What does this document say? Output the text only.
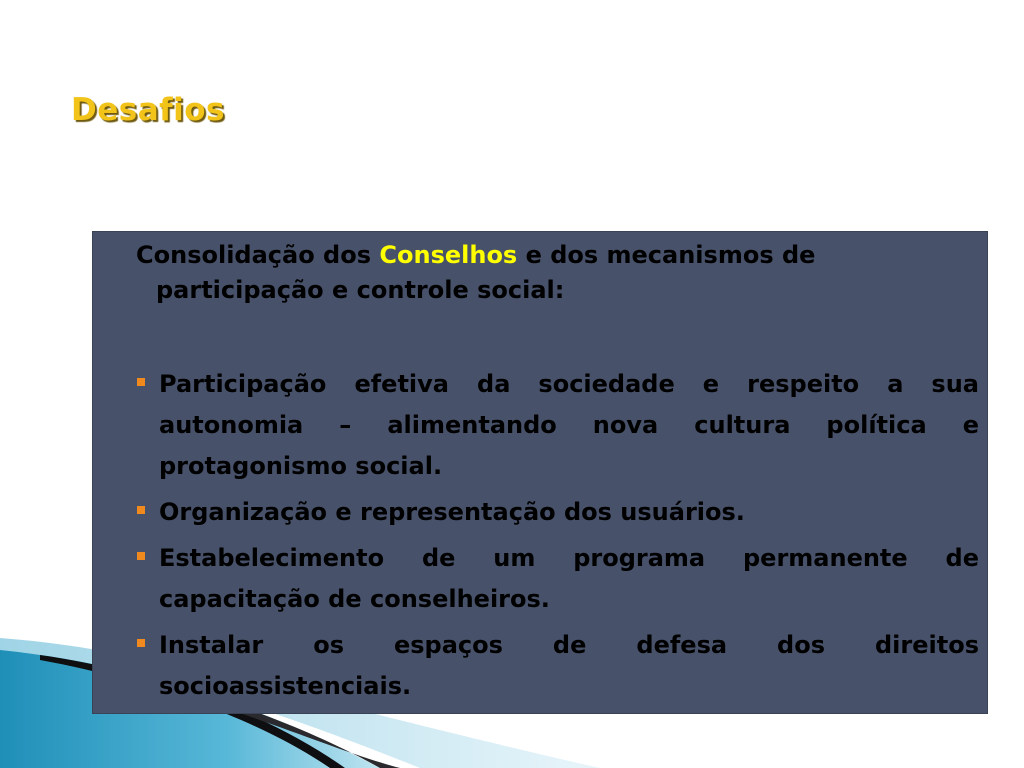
Desafios

Consolidação dos Conselhos e dos mecanismos de
participação e controle social:

Participação efetiva da sociedade e respeito a sua autonomia – alimentando nova cultura política e protagonismo social.
Organização e representação dos usuários.
Estabelecimento de um programa permanente de capacitação de conselheiros.
Instalar os espaços de defesa dos direitos socioassistenciais.
